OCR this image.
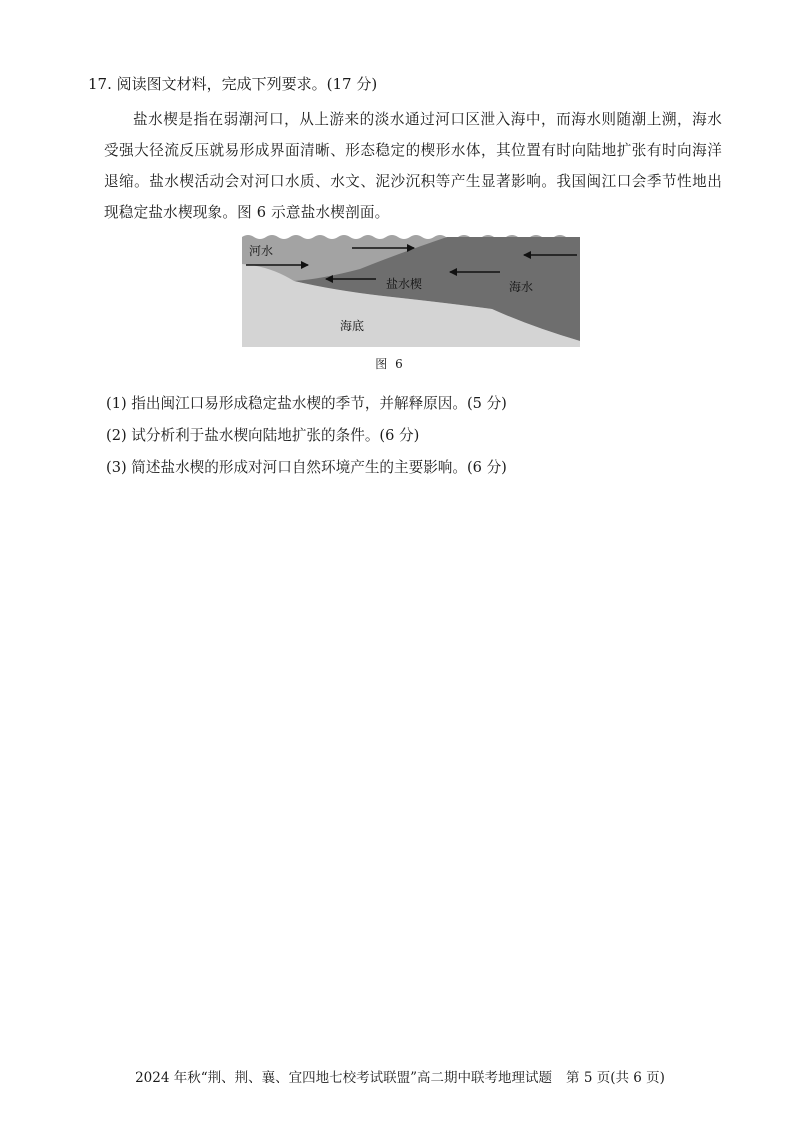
17. 阅读图文材料，完成下列要求。(17 分)
盐水楔是指在弱潮河口，从上游来的淡水通过河口区泄入海中，而海水则随潮上溯，海水受强大径流反压就易形成界面清晰、形态稳定的楔形水体，其位置有时向陆地扩张有时向海洋退缩。盐水楔活动会对河口水质、水文、泥沙沉积等产生显著影响。我国闽江口会季节性地出现稳定盐水楔现象。图 6 示意盐水楔剖面。
河水
盐水楔	海水
海底
图 6
(1) 指出闽江口易形成稳定盐水楔的季节，并解释原因。(5 分)
(2) 试分析利于盐水楔向陆地扩张的条件。(6 分)
(3) 简述盐水楔的形成对河口自然环境产生的主要影响。(6 分)
2024 年秋“荆、荆、襄、宜四地七校考试联盟”高二期中联考地理试题 第 5 页(共 6 页)
